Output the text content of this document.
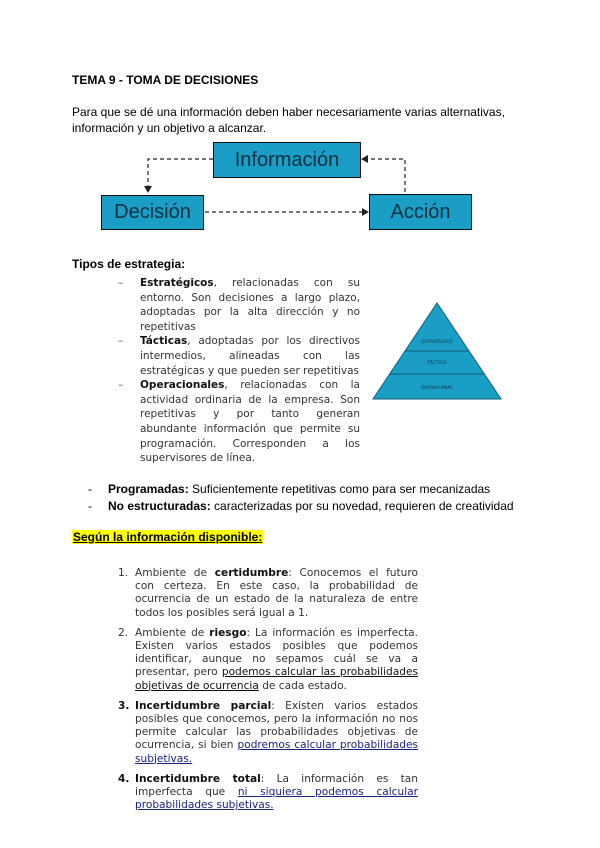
TEMA 9 - TOMA DE DECISIONES
Para que se dé una información deben haber necesariamente varias alternativas, información y un objetivo a alcanzar.
Información
Decisión	Acción
Tipos de estrategia:
– Estratégicos, relacionadas con su entorno. Son decisiones a largo plazo, adoptadas por la alta dirección y no repetitivas
– Tácticas, adoptadas por los directivos intermedios, alineadas con las estratégicas y que pueden ser repetitivas
– Operacionales, relacionadas con la actividad ordinaria de la empresa. Son repetitivas y por tanto generan abundante información que permite su programación. Corresponden a los supervisores de línea.
ESTRATÉGICO
TÁCTICO
OPERACIONAL
- Programadas: Suficientemente repetitivas como para ser mecanizadas
- No estructuradas: caracterizadas por su novedad, requieren de creatividad
Según la información disponible:
1. Ambiente de certidumbre: Conocemos el futuro con certeza. En este caso, la probabilidad de ocurrencia de un estado de la naturaleza de entre todos los posibles será igual a 1.
2. Ambiente de riesgo: La información es imperfecta. Existen varios estados posibles que podemos identificar, aunque no sepamos cuál se va a presentar, pero podemos calcular las probabilidades objetivas de ocurrencia de cada estado.
3. Incertidumbre parcial: Existen varios estados posibles que conocemos, pero la información no nos permite calcular las probabilidades objetivas de ocurrencia, si bien podremos calcular probabilidades subjetivas.
4. Incertidumbre total: La información es tan imperfecta que ni siquiera podemos calcular probabilidades subjetivas.
